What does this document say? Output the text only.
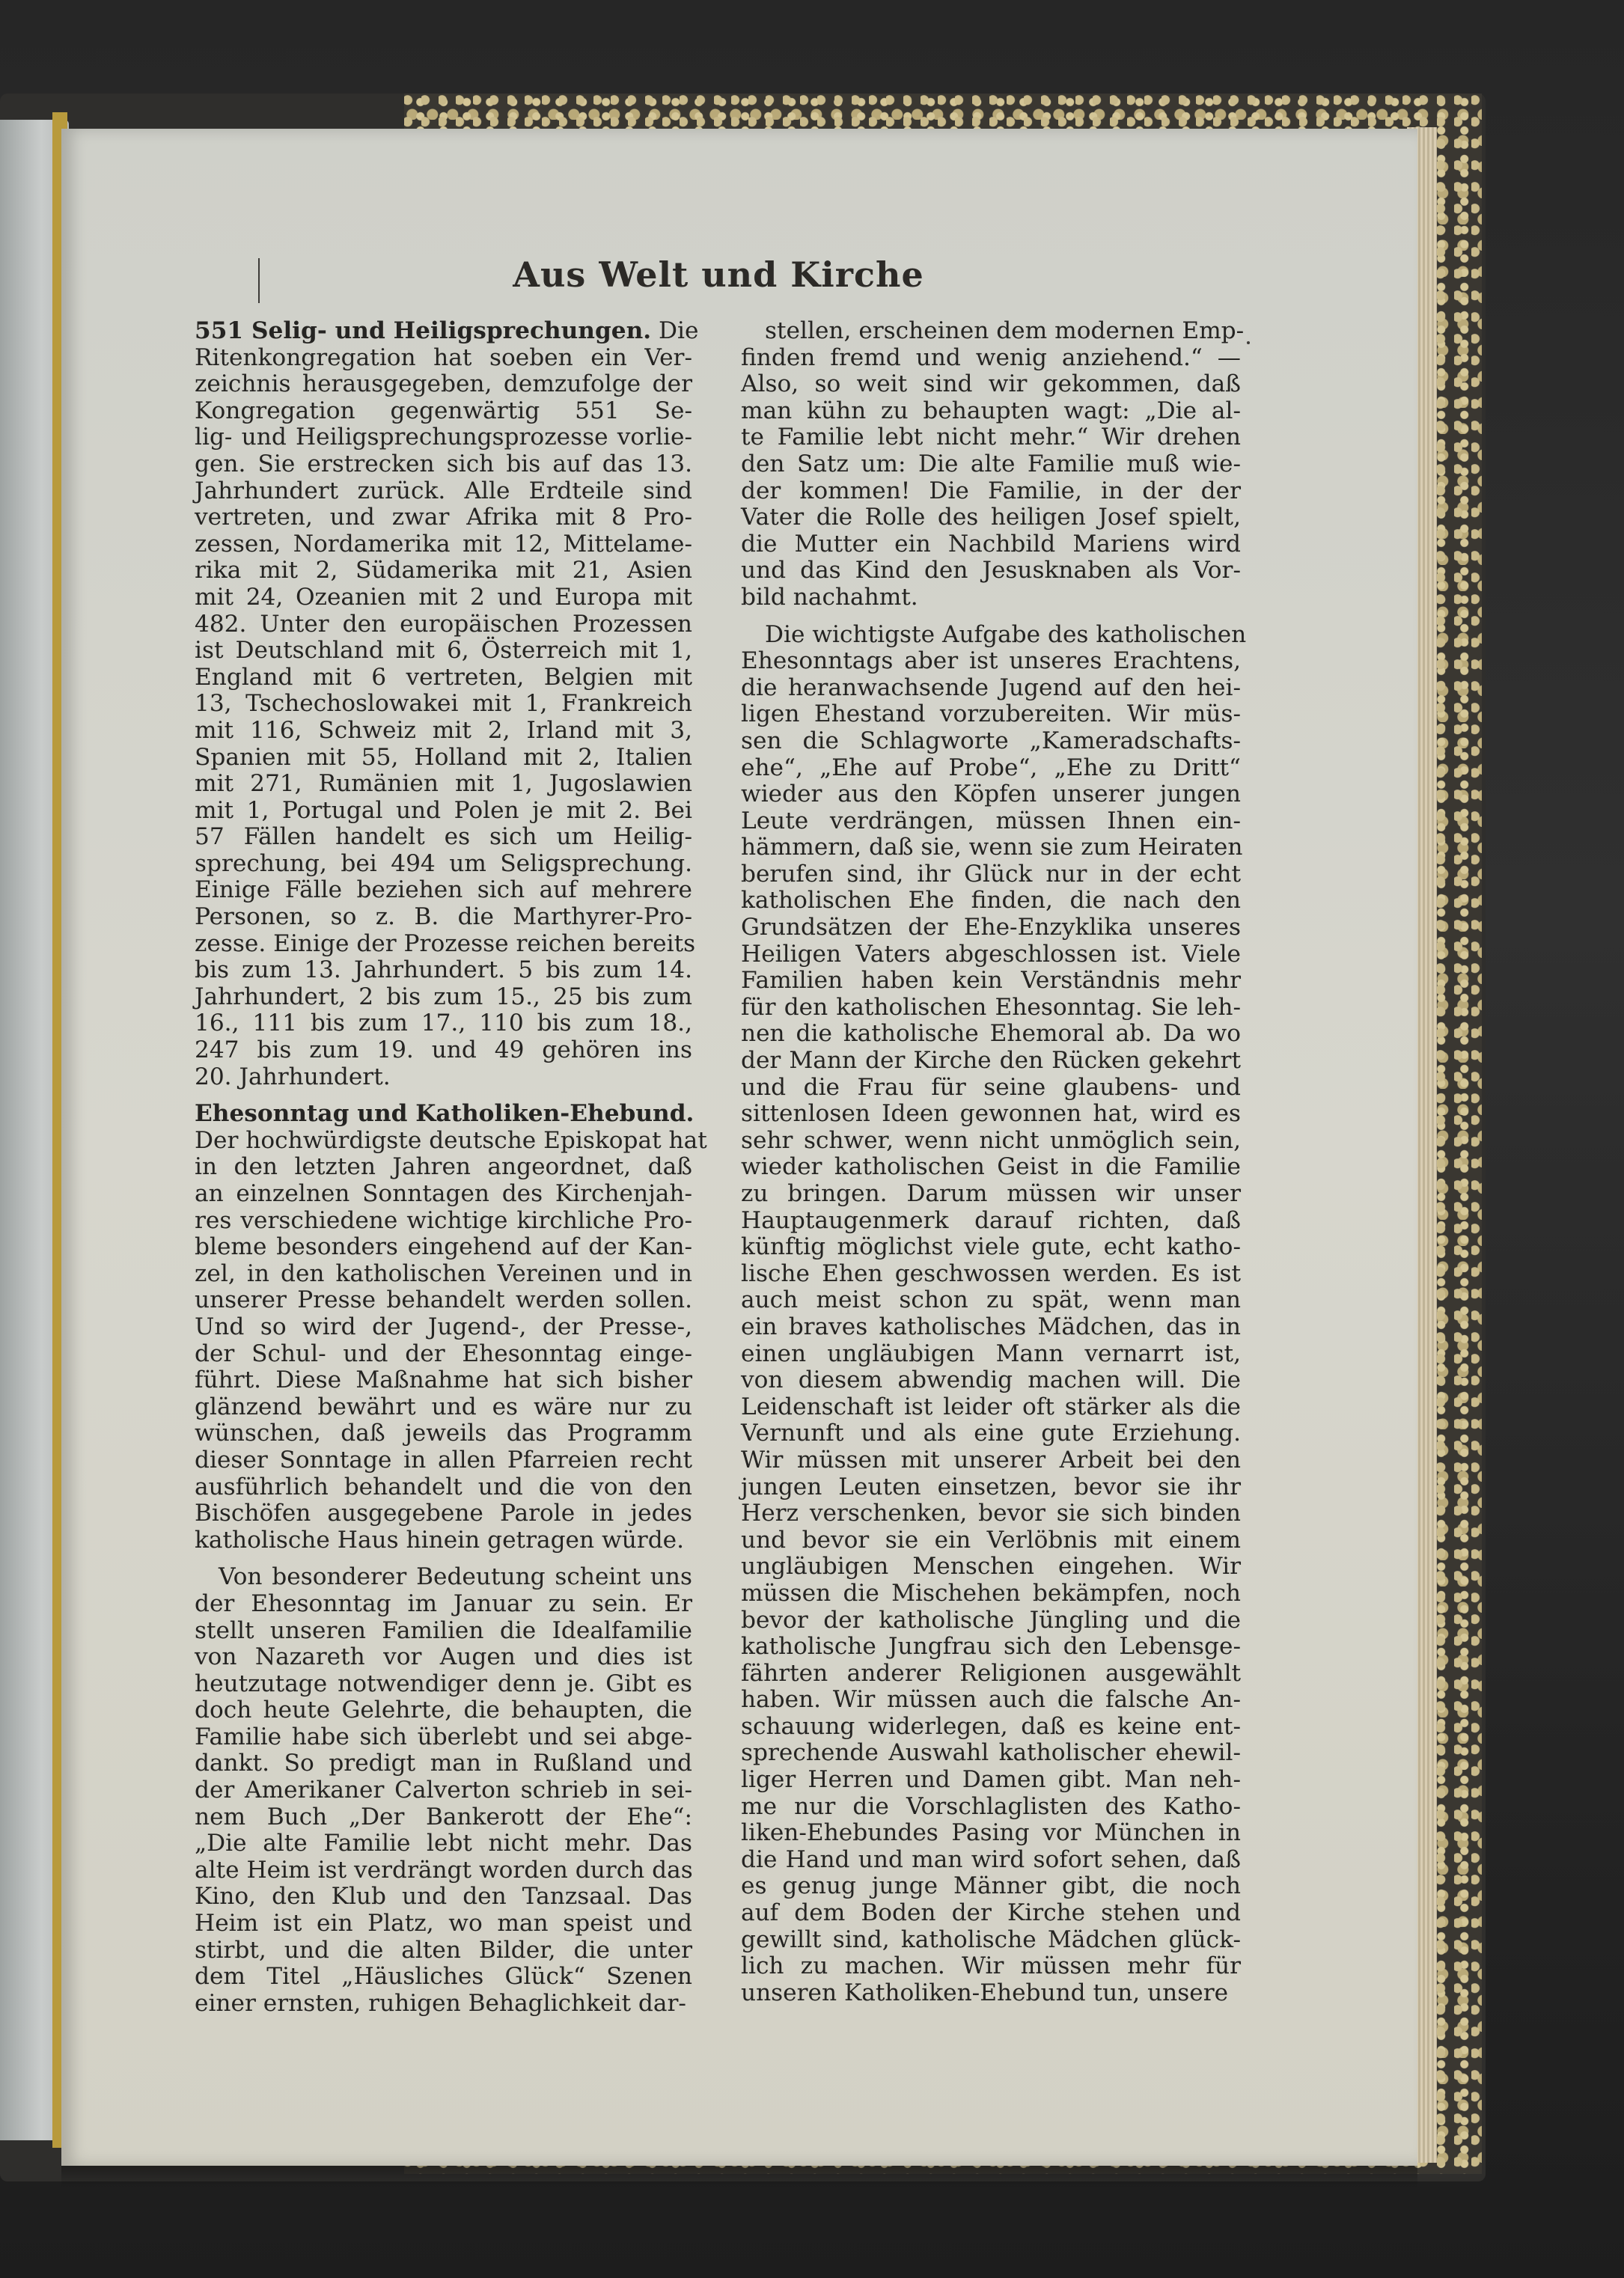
Aus Welt und Kirche

551 Selig- und Heiligsprechungen. Die
Ritenkongregation hat soeben ein Ver-
zeichnis herausgegeben, demzufolge der
Kongregation gegenwärtig 551 Se-
lig- und Heiligsprechungsprozesse vorlie-
gen. Sie erstrecken sich bis auf das 13.
Jahrhundert zurück. Alle Erdteile sind
vertreten, und zwar Afrika mit 8 Pro-
zessen, Nordamerika mit 12, Mittelame-
rika mit 2, Südamerika mit 21, Asien
mit 24, Ozeanien mit 2 und Europa mit
482. Unter den europäischen Prozessen
ist Deutschland mit 6, Österreich mit 1,
England mit 6 vertreten, Belgien mit
13, Tschechoslowakei mit 1, Frankreich
mit 116, Schweiz mit 2, Irland mit 3,
Spanien mit 55, Holland mit 2, Italien
mit 271, Rumänien mit 1, Jugoslawien
mit 1, Portugal und Polen je mit 2. Bei
57 Fällen handelt es sich um Heilig-
sprechung, bei 494 um Seligsprechung.
Einige Fälle beziehen sich auf mehrere
Personen, so z. B. die Marthyrer-Pro-
zesse. Einige der Prozesse reichen bereits
bis zum 13. Jahrhundert. 5 bis zum 14.
Jahrhundert, 2 bis zum 15., 25 bis zum
16., 111 bis zum 17., 110 bis zum 18.,
247 bis zum 19. und 49 gehören ins
20. Jahrhundert.

Ehesonntag und Katholiken-Ehebund.
Der hochwürdigste deutsche Episkopat hat
in den letzten Jahren angeordnet, daß
an einzelnen Sonntagen des Kirchenjah-
res verschiedene wichtige kirchliche Pro-
bleme besonders eingehend auf der Kan-
zel, in den katholischen Vereinen und in
unserer Presse behandelt werden sollen.
Und so wird der Jugend-, der Presse-,
der Schul- und der Ehesonntag einge-
führt. Diese Maßnahme hat sich bisher
glänzend bewährt und es wäre nur zu
wünschen, daß jeweils das Programm
dieser Sonntage in allen Pfarreien recht
ausführlich behandelt und die von den
Bischöfen ausgegebene Parole in jedes
katholische Haus hinein getragen würde.

Von besonderer Bedeutung scheint uns
der Ehesonntag im Januar zu sein. Er
stellt unseren Familien die Idealfamilie
von Nazareth vor Augen und dies ist
heutzutage notwendiger denn je. Gibt es
doch heute Gelehrte, die behaupten, die
Familie habe sich überlebt und sei abge-
dankt. So predigt man in Rußland und
der Amerikaner Calverton schrieb in sei-
nem Buch „Der Bankerott der Ehe“:
„Die alte Familie lebt nicht mehr. Das
alte Heim ist verdrängt worden durch das
Kino, den Klub und den Tanzsaal. Das
Heim ist ein Platz, wo man speist und
stirbt, und die alten Bilder, die unter
dem Titel „Häusliches Glück“ Szenen
einer ernsten, ruhigen Behaglichkeit dar-

stellen, erscheinen dem modernen Emp-
finden fremd und wenig anziehend.“ —
Also, so weit sind wir gekommen, daß
man kühn zu behaupten wagt: „Die al-
te Familie lebt nicht mehr.“ Wir drehen
den Satz um: Die alte Familie muß wie-
der kommen! Die Familie, in der der
Vater die Rolle des heiligen Josef spielt,
die Mutter ein Nachbild Mariens wird
und das Kind den Jesusknaben als Vor-
bild nachahmt.

Die wichtigste Aufgabe des katholischen
Ehesonntags aber ist unseres Erachtens,
die heranwachsende Jugend auf den hei-
ligen Ehestand vorzubereiten. Wir müs-
sen die Schlagworte „Kameradschafts-
ehe“, „Ehe auf Probe“, „Ehe zu Dritt“
wieder aus den Köpfen unserer jungen
Leute verdrängen, müssen Ihnen ein-
hämmern, daß sie, wenn sie zum Heiraten
berufen sind, ihr Glück nur in der echt
katholischen Ehe finden, die nach den
Grundsätzen der Ehe-Enzyklika unseres
Heiligen Vaters abgeschlossen ist. Viele
Familien haben kein Verständnis mehr
für den katholischen Ehesonntag. Sie leh-
nen die katholische Ehemoral ab. Da wo
der Mann der Kirche den Rücken gekehrt
und die Frau für seine glaubens- und
sittenlosen Ideen gewonnen hat, wird es
sehr schwer, wenn nicht unmöglich sein,
wieder katholischen Geist in die Familie
zu bringen. Darum müssen wir unser
Hauptaugenmerk darauf richten, daß
künftig möglichst viele gute, echt katho-
lische Ehen geschwossen werden. Es ist
auch meist schon zu spät, wenn man
ein braves katholisches Mädchen, das in
einen ungläubigen Mann vernarrt ist,
von diesem abwendig machen will. Die
Leidenschaft ist leider oft stärker als die
Vernunft und als eine gute Erziehung.
Wir müssen mit unserer Arbeit bei den
jungen Leuten einsetzen, bevor sie ihr
Herz verschenken, bevor sie sich binden
und bevor sie ein Verlöbnis mit einem
ungläubigen Menschen eingehen. Wir
müssen die Mischehen bekämpfen, noch
bevor der katholische Jüngling und die
katholische Jungfrau sich den Lebensge-
fährten anderer Religionen ausgewählt
haben. Wir müssen auch die falsche An-
schauung widerlegen, daß es keine ent-
sprechende Auswahl katholischer ehewil-
liger Herren und Damen gibt. Man neh-
me nur die Vorschlaglisten des Katho-
liken-Ehebundes Pasing vor München in
die Hand und man wird sofort sehen, daß
es genug junge Männer gibt, die noch
auf dem Boden der Kirche stehen und
gewillt sind, katholische Mädchen glück-
lich zu machen. Wir müssen mehr für
unseren Katholiken-Ehebund tun, unsere
